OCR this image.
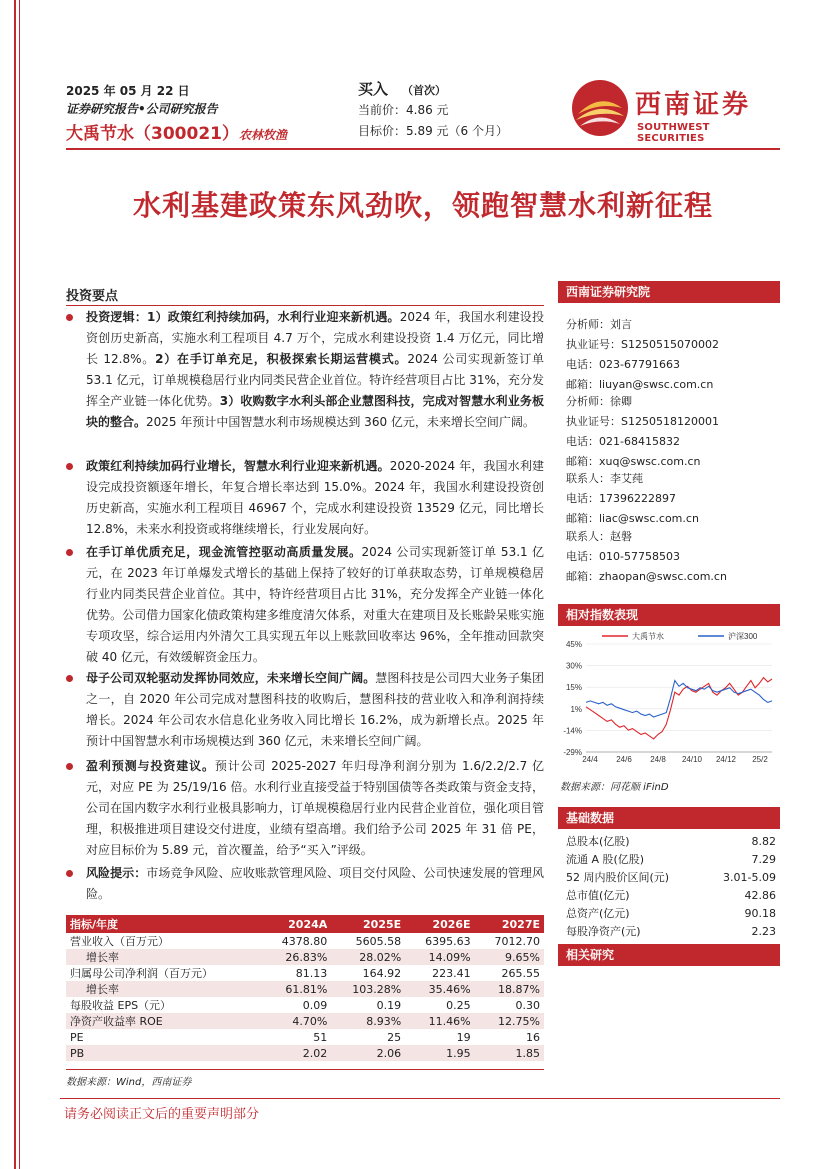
2025 年 05 月 22 日
证券研究报告•公司研究报告
大禹节水（300021）农林牧渔
买入 （首次）
当前价：4.86 元
目标价：5.89 元（6 个月）
西南证券
SOUTHWEST SECURITIES
水利基建政策东风劲吹，领跑智慧水利新征程
投资要点
投资逻辑：1）政策红利持续加码，水利行业迎来新机遇。2024 年，我国水利建设投资创历史新高，实施水利工程项目 4.7 万个，完成水利建设投资 1.4 万亿元，同比增长 12.8%。2）在手订单充足，积极探索长期运营模式。2024 公司实现新签订单 53.1 亿元，订单规模稳居行业内同类民营企业首位。特许经营项目占比 31%，充分发挥全产业链一体化优势。3）收购数字水利头部企业慧图科技，完成对智慧水利业务板块的整合。2025 年预计中国智慧水利市场规模达到 360 亿元，未来增长空间广阔。
政策红利持续加码行业增长，智慧水利行业迎来新机遇。2020-2024 年，我国水利建设完成投资额逐年增长，年复合增长率达到 15.0%。2024 年，我国水利建设投资创历史新高，实施水利工程项目 46967 个，完成水利建设投资 13529 亿元，同比增长 12.8%，未来水利投资或将继续增长，行业发展向好。
在手订单优质充足，现金流管控驱动高质量发展。2024 公司实现新签订单 53.1 亿元，在 2023 年订单爆发式增长的基础上保持了较好的订单获取态势，订单规模稳居行业内同类民营企业首位。其中，特许经营项目占比 31%，充分发挥全产业链一体化优势。公司借力国家化债政策构建多维度清欠体系，对重大在建项目及长账龄呆账实施专项攻坚，综合运用内外清欠工具实现五年以上账款回收率达 96%，全年推动回款突破 40 亿元，有效缓解资金压力。
母子公司双轮驱动发挥协同效应，未来增长空间广阔。慧图科技是公司四大业务子集团之一，自 2020 年公司完成对慧图科技的收购后，慧图科技的营业收入和净利润持续增长。2024 年公司农水信息化业务收入同比增长 16.2%，成为新增长点。2025 年预计中国智慧水利市场规模达到 360 亿元，未来增长空间广阔。
盈利预测与投资建议。预计公司 2025-2027 年归母净利润分别为 1.6/2.2/2.7 亿元，对应 PE 为 25/19/16 倍。水利行业直接受益于特别国债等各类政策与资金支持，公司在国内数字水利行业极具影响力，订单规模稳居行业内民营企业首位，强化项目管理，积极推进项目建设交付进度，业绩有望高增。我们给予公司 2025 年 31 倍 PE，对应目标价为 5.89 元，首次覆盖，给予“买入”评级。
风险提示：市场竞争风险、应收账款管理风险、项目交付风险、公司快速发展的管理风险。
指标/年度	2024A	2025E	2026E	2027E
营业收入（百万元）	4378.80	5605.58	6395.63	7012.70
增长率	26.83%	28.02%	14.09%	9.65%
归属母公司净利润（百万元）	81.13	164.92	223.41	265.55
增长率	61.81%	103.28%	35.46%	18.87%
每股收益 EPS（元）	0.09	0.19	0.25	0.30
净资产收益率 ROE	4.70%	8.93%	11.46%	12.75%
PE	51	25	19	16
PB	2.02	2.06	1.95	1.85
数据来源：Wind，西南证券
西南证券研究院
分析师：刘言
执业证号：S1250515070002
电话：023-67791663
邮箱：liuyan@swsc.com.cn
分析师：徐卿
执业证号：S1250518120001
电话：021-68415832
邮箱：xuq@swsc.com.cn
联系人：李艾莼
电话：17396222897
邮箱：liac@swsc.com.cn
联系人：赵磐
电话：010-57758503
邮箱：zhaopan@swsc.com.cn
相对指数表现
45%
30%
15%
1%
-14%
-29%
24/4 24/6 24/8 24/10 24/12 25/2
大禹节水	沪深300
数据来源：同花顺 iFinD
基础数据
总股本(亿股)	8.82
流通 A 股(亿股)	7.29
52 周内股价区间(元)	3.01-5.09
总市值(亿元)	42.86
总资产(亿元)	90.18
每股净资产(元)	2.23
相关研究
请务必阅读正文后的重要声明部分
